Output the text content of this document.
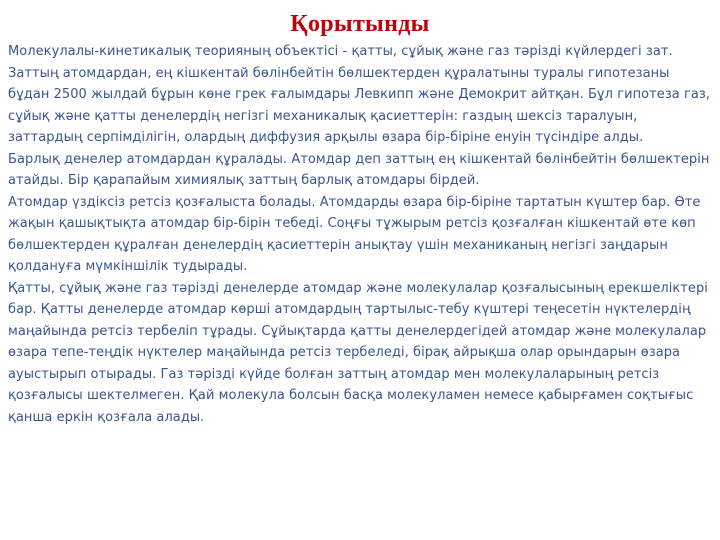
Қорытынды

Молекулалы-кинетикалық теорияның объектісі - қатты, сұйық және газ тәрізді күйлердегі зат.

Заттың атомдардан, ең кішкентай бөлінбейтін бөлшектерден құралатыны туралы гипотезаны бұдан 2500 жылдай бұрын көне грек ғалымдары Левкипп және Демокрит айтқан. Бұл гипотеза газ, сұйық және қатты денелердің негізгі механикалық қасиеттерін: газдың шексіз таралуын, заттардың серпімділігін, олардың диффузия арқылы өзара бір-біріне енуін түсіндіре алды.

Барлық денелер атомдардан құралады. Атомдар деп заттың ең кішкентай бөлінбейтін бөлшектерін атайды. Бір қарапайым химиялық заттың барлық атомдары бірдей.

Атомдар үздіксіз ретсіз қозғалыста болады. Атомдарды өзара бір-біріне тартатын күштер бар. Өте жақын қашықтықта атомдар бір-бірін тебеді. Соңғы тұжырым ретсіз қозғалған кішкентай өте көп бөлшектерден құралған денелердің қасиеттерін анықтау үшін механиканың негізгі заңдарын қолдануға мүмкіншілік тудырады.

Қатты, сұйық және газ тәрізді денелерде атомдар және молекулалар қозғалысының ерекшеліктері бар. Қатты денелерде атомдар көрші атомдардың тартылыс-тебу күштері теңесетін нүктелердің маңайында ретсіз тербеліп тұрады. Сұйықтарда қатты денелердегідей атомдар және молекулалар өзара тепе-теңдік нүктелер маңайында ретсіз тербеледі, бірақ айрықша олар орындарын өзара ауыстырып отырады. Газ тәрізді күйде болған заттың атомдар мен молекулаларының ретсіз қозғалысы шектелмеген. Қай молекула болсын басқа молекуламен немесе қабырғамен соқтығыс қанша еркін қозғала алады.
